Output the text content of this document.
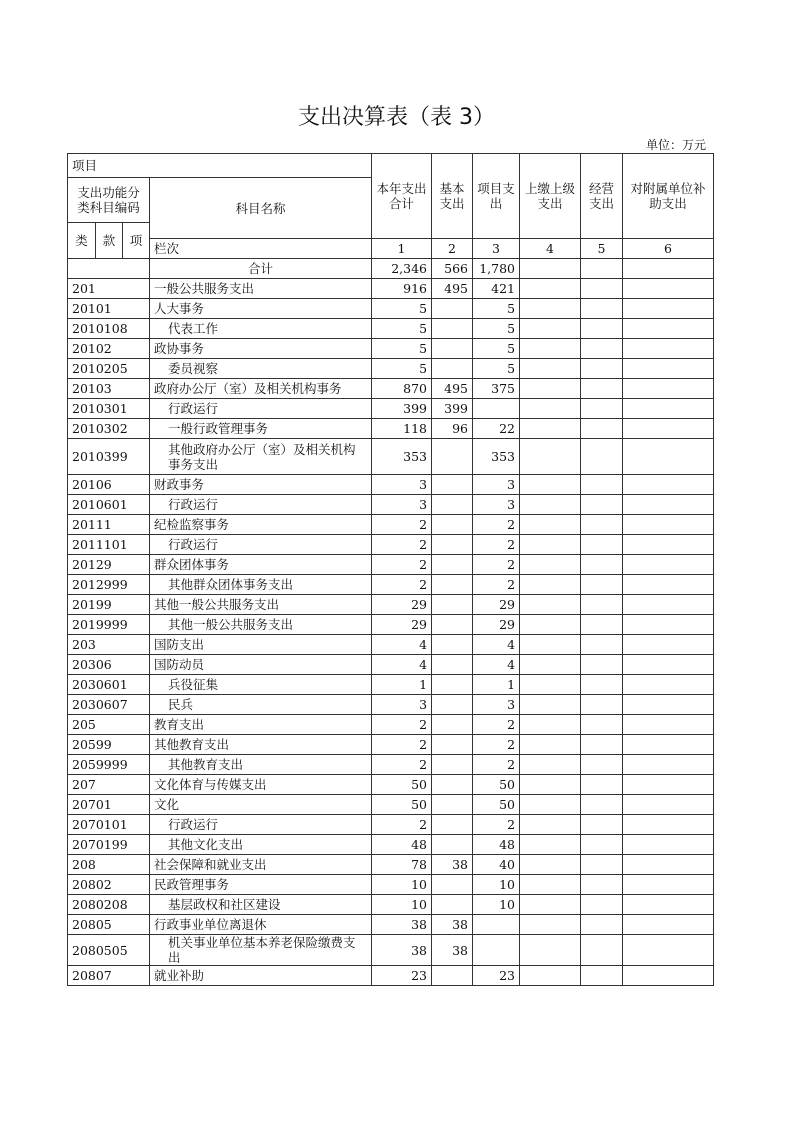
支出决算表（表 3）
单位：万元
项目				本年支出合计	基本支出	项目支出	上缴上级支出	经营支出	对附属单位补助支出
支出功能分类科目编码			科目名称						
类	款	项							
			栏次	1	2	3	4	5	6
			合计	2,346	566	1,780			
201			一般公共服务支出	916	495	421			
20101			人大事务	5		5			
2010108			代表工作	5		5			
20102			政协事务	5		5			
2010205			委员视察	5		5			
20103			政府办公厅（室）及相关机构事务	870	495	375			
2010301			行政运行	399	399				
2010302			一般行政管理事务	118	96	22			
2010399			其他政府办公厅（室）及相关机构事务支出	353		353			
20106			财政事务	3		3			
2010601			行政运行	3		3			
20111			纪检监察事务	2		2			
2011101			行政运行	2		2			
20129			群众团体事务	2		2			
2012999			其他群众团体事务支出	2		2			
20199			其他一般公共服务支出	29		29			
2019999			其他一般公共服务支出	29		29			
203			国防支出	4		4			
20306			国防动员	4		4			
2030601			兵役征集	1		1			
2030607			民兵	3		3			
205			教育支出	2		2			
20599			其他教育支出	2		2			
2059999			其他教育支出	2		2			
207			文化体育与传媒支出	50		50			
20701			文化	50		50			
2070101			行政运行	2		2			
2070199			其他文化支出	48		48			
208			社会保障和就业支出	78	38	40			
20802			民政管理事务	10		10			
2080208			基层政权和社区建设	10		10			
20805			行政事业单位离退休	38	38				
2080505			机关事业单位基本养老保险缴费支出	38	38				
20807			就业补助	23		23			
